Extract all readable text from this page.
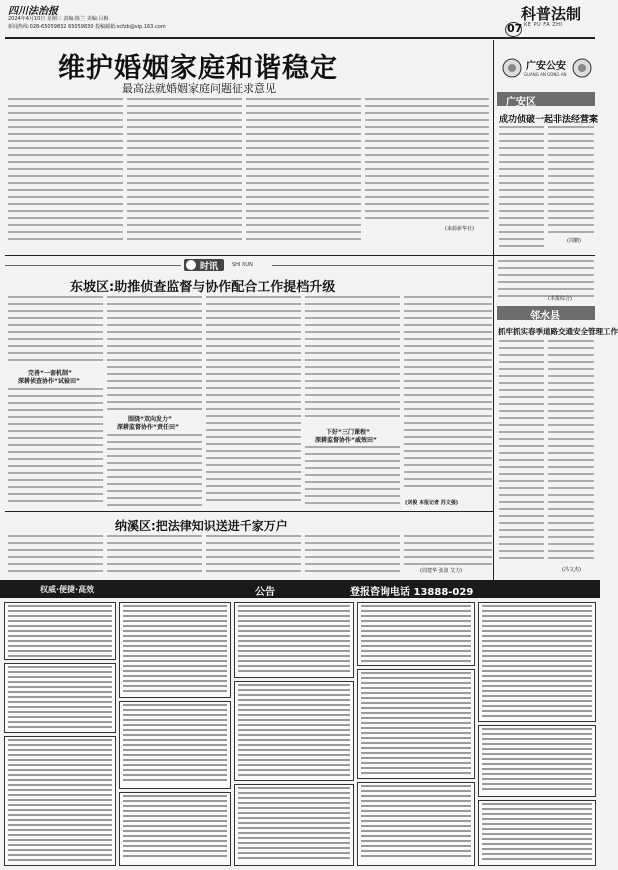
四川法治报
2024年4月10日 星期三 责编:陈兰 美编:吕梅
新闻热线:028-65059832 65059830 投稿邮箱:scfzb@vip.163.com
科普法制
KE PU FA ZHI
07
维护婚姻家庭和谐稳定
最高法就婚姻家庭问题征求意见
(来源新华社)
广安公安
GUANG AN GONG AN
广安区
成功侦破一起非法经营案
(周鹏)
时讯	SHI XUN
东坡区:助推侦查监督与协作配合工作提档升级
完善“一套机制”
深耕侦查协作“试验田”
围绕“双向发力”
深耕监督协作“责任田”
下好“三门课程”
深耕监督协作“威效田”
(刘俊 本报记者 苏文强)
(本报综合)
邻水县
抓牢抓实春季道路交通安全管理工作
(冯文杰)
纳溪区:把法律知识送进千家万户
(周建华 张波 艾力)
权威·便捷·高效	公告	登报咨询电话 13888-029
